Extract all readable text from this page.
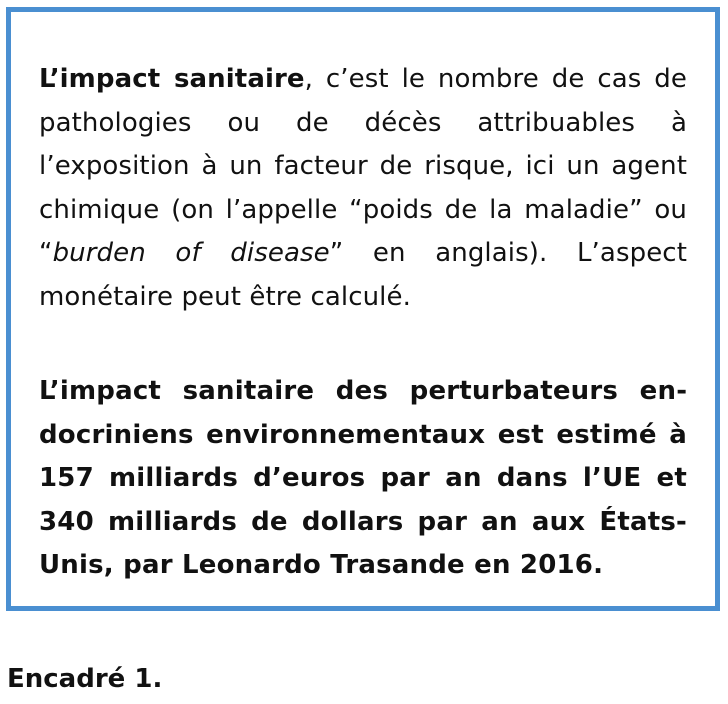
L’impact sanitaire, c’est le nombre de cas de pathologies ou de décès attribuables à l’exposition à un facteur de risque, ici un agent chimique (on l’appelle “poids de la maladie” ou “burden of disease” en anglais). L’aspect monétaire peut être calculé.

L’impact sanitaire des perturbateurs endocriniens environnementaux est estimé à 157 milliards d’euros par an dans l’UE et 340 milliards de dollars par an aux États-Unis, par Leonardo Trasande en 2016.

Encadré 1.
